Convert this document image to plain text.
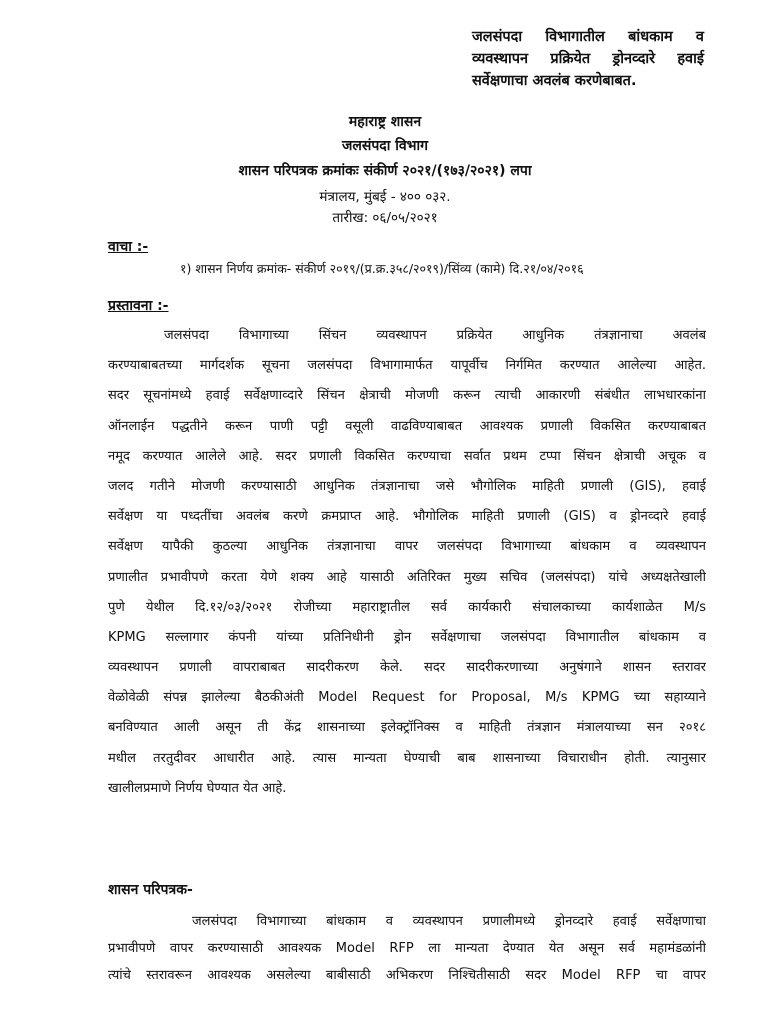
जलसंपदा विभागातील बांधकाम व
व्यवस्थापन प्रक्रियेत ड्रोनव्दारे हवाई
सर्वेक्षणाचा अवलंब करणेबाबत.
महाराष्ट्र शासन
जलसंपदा विभाग
शासन परिपत्रक क्रमांकः संकीर्ण २०२१/(१७३/२०२१) लपा
मंत्रालय, मुंबई - ४०० ०३२.
तारीख: ०६/०५/२०२१
वाचा :-
१) शासन निर्णय क्रमांक- संकीर्ण २०१९/(प्र.क्र.३५८/२०१९)/सिंव्य (कामे) दि.२१/०४/२०१६
प्रस्तावना :-
जलसंपदा विभागाच्या सिंचन व्यवस्थापन प्रक्रियेत आधुनिक तंत्रज्ञानाचा अवलंब
करण्याबाबतच्या मार्गदर्शक सूचना जलसंपदा विभागामार्फत यापूर्वीच निर्गमित करण्यात आलेल्या आहेत.
सदर सूचनांमध्ये हवाई सर्वेक्षणाव्दारे सिंचन क्षेत्राची मोजणी करून त्याची आकारणी संबंधीत लाभधारकांना
ऑनलाईन पद्धतीने करून पाणी पट्टी वसूली वाढविण्याबाबत आवश्यक प्रणाली विकसित करण्याबाबत
नमूद करण्यात आलेले आहे. सदर प्रणाली विकसित करण्याचा सर्वात प्रथम टप्पा सिंचन क्षेत्राची अचूक व
जलद गतीने मोजणी करण्यासाठी आधुनिक तंत्रज्ञानाचा जसे भौगोलिक माहिती प्रणाली (GIS), हवाई
सर्वेक्षण या पध्दतींचा अवलंब करणे क्रमप्राप्त आहे. भौगोलिक माहिती प्रणाली (GIS) व ड्रोनव्दारे हवाई
सर्वेक्षण यापैकी कुठल्या आधुनिक तंत्रज्ञानाचा वापर जलसंपदा विभागाच्या बांधकाम व व्यवस्थापन
प्रणालीत प्रभावीपणे करता येणे शक्य आहे यासाठी अतिरिक्त मुख्य सचिव (जलसंपदा) यांचे अध्यक्षतेखाली
पुणे येथील दि.१२/०३/२०२१ रोजीच्या महाराष्ट्रातील सर्व कार्यकारी संचालकाच्या कार्यशाळेत M/s
KPMG सल्लागार कंपनी यांच्या प्रतिनिधीनी ड्रोन सर्वेक्षणाचा जलसंपदा विभागातील बांधकाम व
व्यवस्थापन प्रणाली वापराबाबत सादरीकरण केले. सदर सादरीकरणाच्या अनुषंगाने शासन स्तरावर
वेळोवेळी संपन्न झालेल्या बैठकीअंती Model Request for Proposal, M/s KPMG च्या सहाय्याने
बनविण्यात आली असून ती केंद्र शासनाच्या इलेक्ट्रॉनिक्स व माहिती तंत्रज्ञान मंत्रालयाच्या सन २०१८
मधील तरतुदीवर आधारीत आहे. त्यास मान्यता घेण्याची बाब शासनाच्या विचाराधीन होती. त्यानुसार
खालीलप्रमाणे निर्णय घेण्यात येत आहे.
शासन परिपत्रक-
जलसंपदा विभागाच्या बांधकाम व व्यवस्थापन प्रणालीमध्ये ड्रोनव्दारे हवाई सर्वेक्षणाचा
प्रभावीपणे वापर करण्यासाठी आवश्यक Model RFP ला मान्यता देण्यात येत असून सर्व महामंडळांनी
त्यांचे स्तरावरून आवश्यक असलेल्या बाबीसाठी अभिकरण निश्चितीसाठी सदर Model RFP चा वापर
